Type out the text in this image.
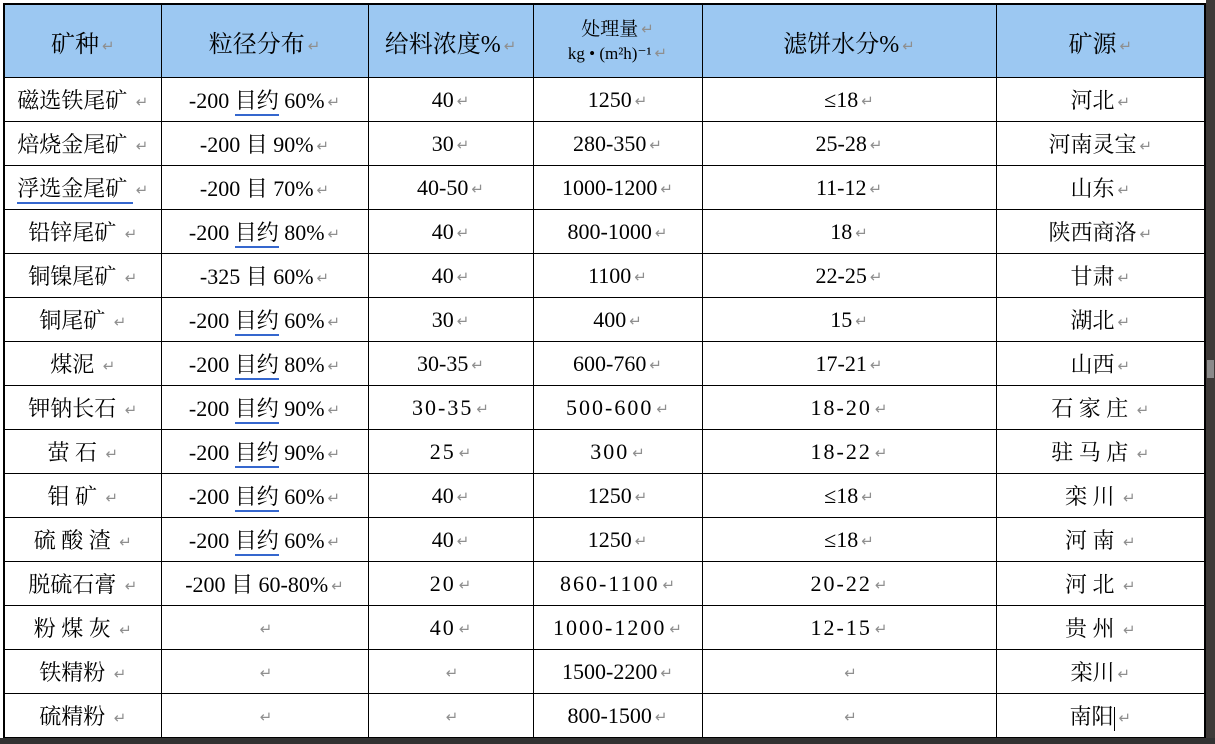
矿种 ↵	粒径分布 ↵	给料浓度% ↵	处理量 ↵
kg • (m²h)⁻¹ ↵	滤饼水分% ↵	矿源 ↵
磁选铁尾矿 ↵	-200 目约 60% ↵	40 ↵	1250 ↵	≤18 ↵	河北 ↵
焙烧金尾矿 ↵	-200 目 90% ↵	30 ↵	280-350 ↵	25-28 ↵	河南灵宝 ↵
浮选金尾矿 ↵	-200 目 70% ↵	40-50 ↵	1000-1200 ↵	11-12 ↵	山东 ↵
铅锌尾矿 ↵	-200 目约 80% ↵	40 ↵	800-1000 ↵	18 ↵	陕西商洛 ↵
铜镍尾矿 ↵	-325 目 60% ↵	40 ↵	1100 ↵	22-25 ↵	甘肃 ↵
铜尾矿 ↵	-200 目约 60% ↵	30 ↵	400 ↵	15 ↵	湖北 ↵
煤泥 ↵	-200 目约 80% ↵	30-35 ↵	600-760 ↵	17-21 ↵	山西 ↵
钾钠长石 ↵	-200 目约 90% ↵	30-35 ↵	500-600 ↵	18-20 ↵	石 家 庄 ↵
萤 石 ↵	-200 目约 90% ↵	25 ↵	300 ↵	18-22 ↵	驻 马 店 ↵
钼 矿 ↵	-200 目约 60% ↵	40 ↵	1250 ↵	≤18 ↵	栾 川 ↵
硫 酸 渣 ↵	-200 目约 60% ↵	40 ↵	1250 ↵	≤18 ↵	河 南 ↵
脱硫石膏 ↵	-200 目 60-80% ↵	20 ↵	860-1100 ↵	20-22 ↵	河 北 ↵
粉 煤 灰 ↵	↵	40 ↵	1000-1200 ↵	12-15 ↵	贵 州 ↵
铁精粉 ↵	↵	↵	1500-2200 ↵	↵	栾川 ↵
硫精粉 ↵	↵	↵	800-1500 ↵	↵	南阳 ↵
